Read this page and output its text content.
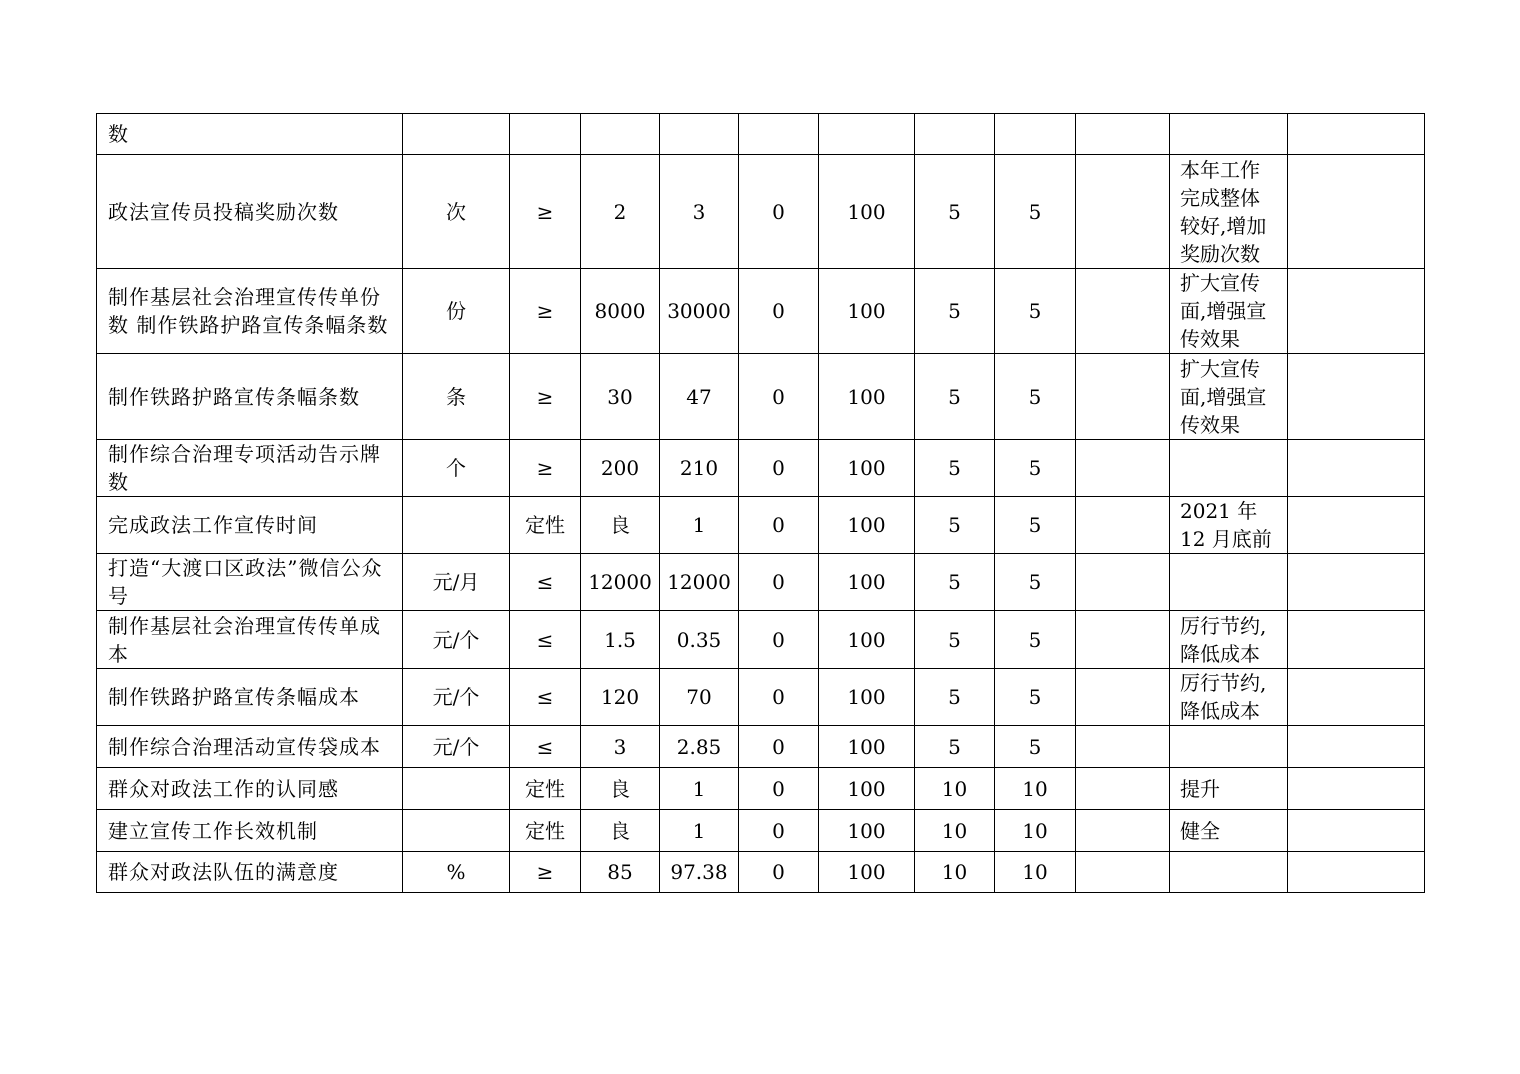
数											
政法宣传员投稿奖励次数	次	≥	2	3	0	100	5	5		本年工作完成整体较好,增加奖励次数	
制作基层社会治理宣传传单份数 制作铁路护路宣传条幅条数	份	≥	8000	30000	0	100	5	5		扩大宣传面,增强宣传效果	
制作铁路护路宣传条幅条数	条	≥	30	47	0	100	5	5		扩大宣传面,增强宣传效果	
制作综合治理专项活动告示牌数	个	≥	200	210	0	100	5	5			
完成政法工作宣传时间		定性	良	1	0	100	5	5		2021 年 12 月底前	
打造“大渡口区政法”微信公众号	元/月	≤	12000	12000	0	100	5	5			
制作基层社会治理宣传传单成本	元/个	≤	1.5	0.35	0	100	5	5		厉行节约,降低成本	
制作铁路护路宣传条幅成本	元/个	≤	120	70	0	100	5	5		厉行节约,降低成本	
制作综合治理活动宣传袋成本	元/个	≤	3	2.85	0	100	5	5			
群众对政法工作的认同感		定性	良	1	0	100	10	10		提升	
建立宣传工作长效机制		定性	良	1	0	100	10	10		健全	
群众对政法队伍的满意度	%	≥	85	97.38	0	100	10	10			
